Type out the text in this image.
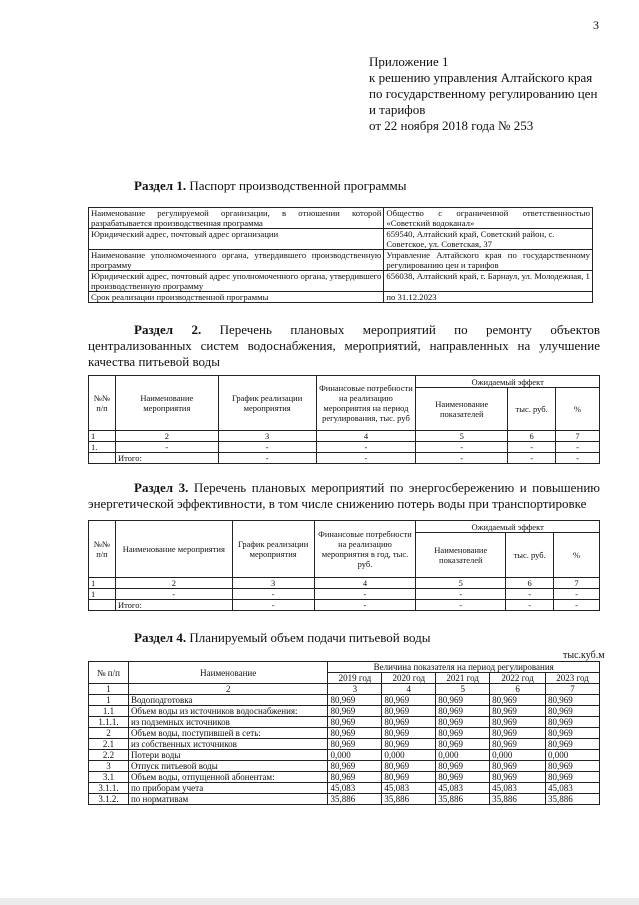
3
Приложение 1
к решению управления Алтайского края
по государственному регулированию цен
и тарифов
от 22 ноября 2018 года № 253
Раздел 1. Паспорт производственной программы
Наименование регулируемой организации, в отношении которой разрабатывается производственная программа	Общество с ограниченной ответственностью «Советский водоканал»
Юридический адрес, почтовый адрес организации	659540, Алтайский край, Советский район, с. Советское, ул. Советская, 37
Наименование уполномоченного органа, утвердившего производственную программу	Управление Алтайского края по государственному регулированию цен и тарифов
Юридический адрес, почтовый адрес уполномоченного органа, утвердившего производственную программу	656038, Алтайский край, г. Барнаул, ул. Молодежная, 1
Срок реализации производственной программы	по 31.12.2023
Раздел 2. Перечень плановых мероприятий по ремонту объектов централизованных систем водоснабжения, мероприятий, направленных на улучшение качества питьевой воды
№№ п/п	Наименование мероприятия	График реализации мероприятия	Финансовые потребности на реализацию мероприятия на период регулирования, тыс. руб	Ожидаемый эффект		
				Наименование показателей	тыс. руб.	%
1	2	3	4	5	6	7
1.	-	-	-	-	-	-
	Итого:	-	-	-	-	-
Раздел 3. Перечень плановых мероприятий по энергосбережению и повышению энергетической эффективности, в том числе снижению потерь воды при транспортировке
№№ п/п	Наименование мероприятия	График реализации мероприятия	Финансовые потребности на реализацию мероприятия в год, тыс. руб.	Ожидаемый эффект		
				Наименование показателей	тыс. руб.	%
1	2	3	4	5	6	7
1	-	-	-	-	-	-
	Итого:	-	-	-	-	-
Раздел 4. Планируемый объем подачи питьевой воды
тыс.куб.м
№ п/п	Наименование	Величина показателя на период регулирования				
		2019 год	2020 год	2021 год	2022 год	2023 год
1	2	3	4	5	6	7
1	Водоподготовка	80,969	80,969	80,969	80,969	80,969
1.1	Объем воды из источников водоснабжения:	80,969	80,969	80,969	80,969	80,969
1.1.1.	из подземных источников	80,969	80,969	80,969	80,969	80,969
2	Объем воды, поступившей в сеть:	80,969	80,969	80,969	80,969	80,969
2.1	из собственных источников	80,969	80,969	80,969	80,969	80,969
2.2	Потери воды	0,000	0,000	0,000	0,000	0,000
3	Отпуск питьевой воды	80,969	80,969	80,969	80,969	80,969
3.1	Объем воды, отпущенной абонентам:	80,969	80,969	80,969	80,969	80,969
3.1.1.	по приборам учета	45,083	45,083	45,083	45,083	45,083
3.1.2.	по нормативам	35,886	35,886	35,886	35,886	35,886
